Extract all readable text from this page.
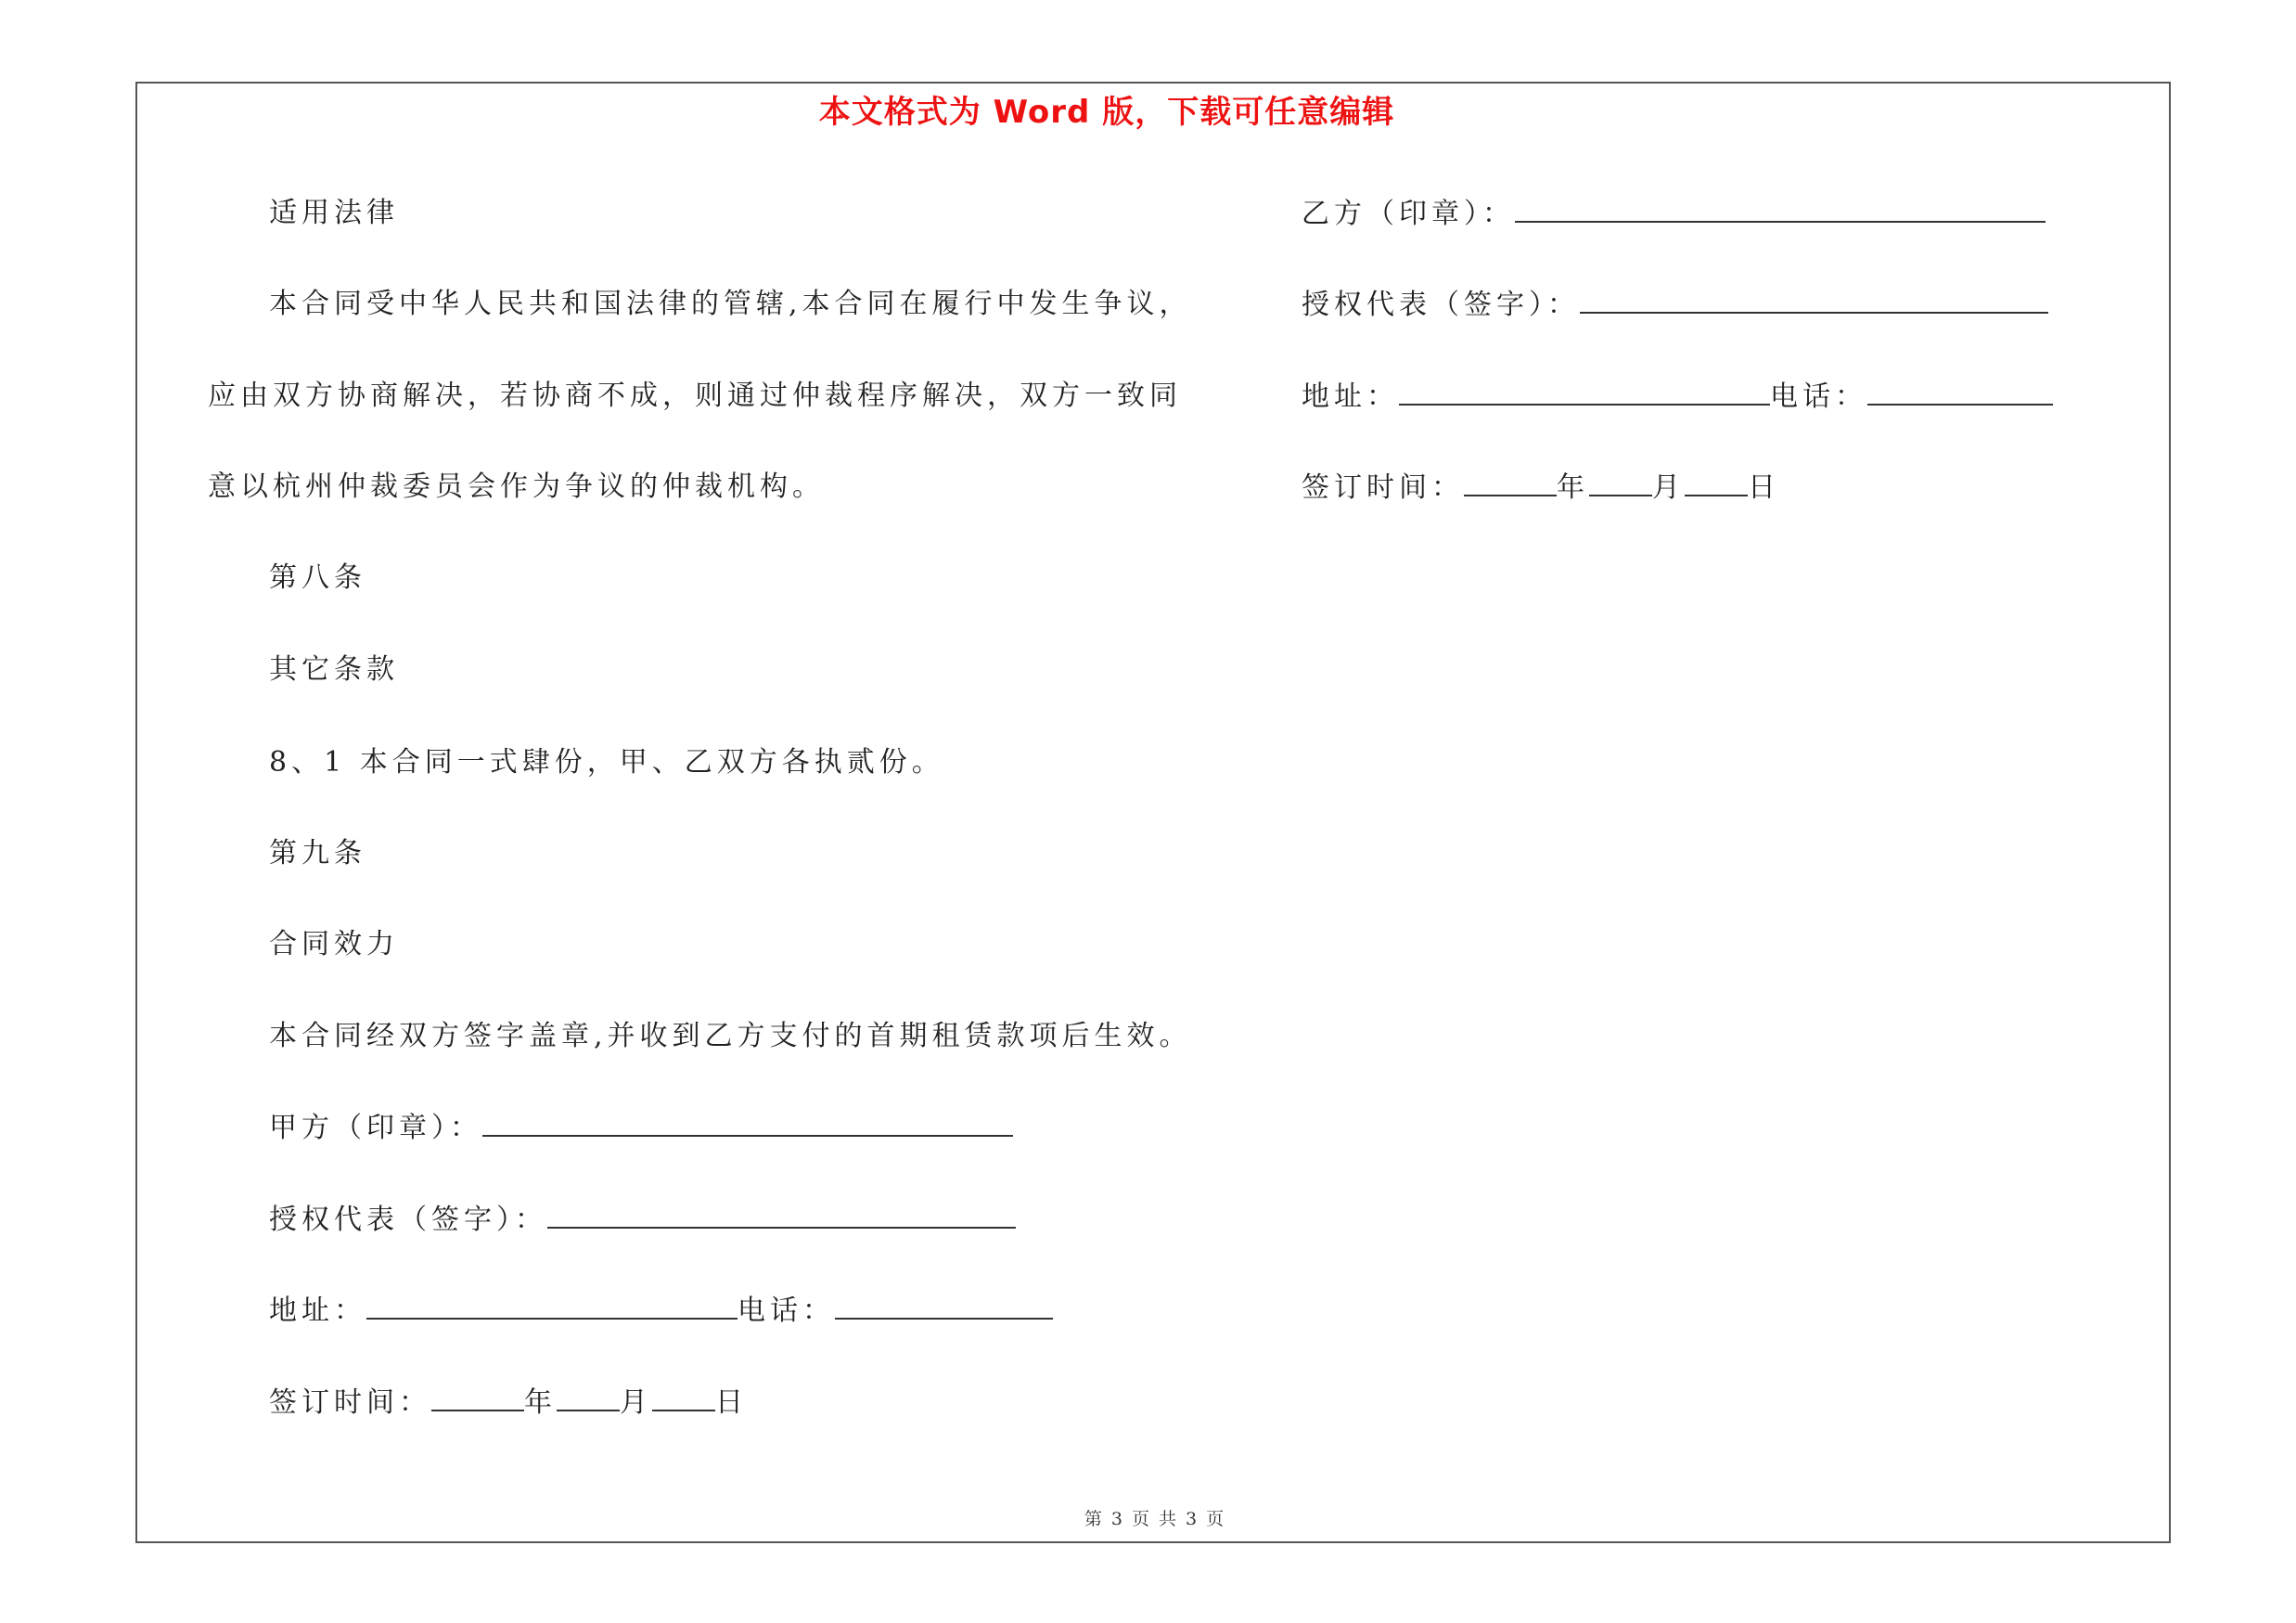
本文格式为 Word 版，下载可任意编辑
适用法律
本合同受中华人民共和国法律的管辖,本合同在履行中发生争议，
应由双方协商解决，若协商不成，则通过仲裁程序解决，双方一致同
意以杭州仲裁委员会作为争议的仲裁机构。
第八条
其它条款
8、1 本合同一式肆份，甲、乙双方各执贰份。
第九条
合同效力
本合同经双方签字盖章,并收到乙方支付的首期租赁款项后生效。
甲方（印章）：
授权代表（签字）：
地址：	电话：
签订时间：	年 月 日
乙方（印章）：
授权代表（签字）：
地址：	电话：
签订时间：	年 月 日
第 3 页 共 3 页
